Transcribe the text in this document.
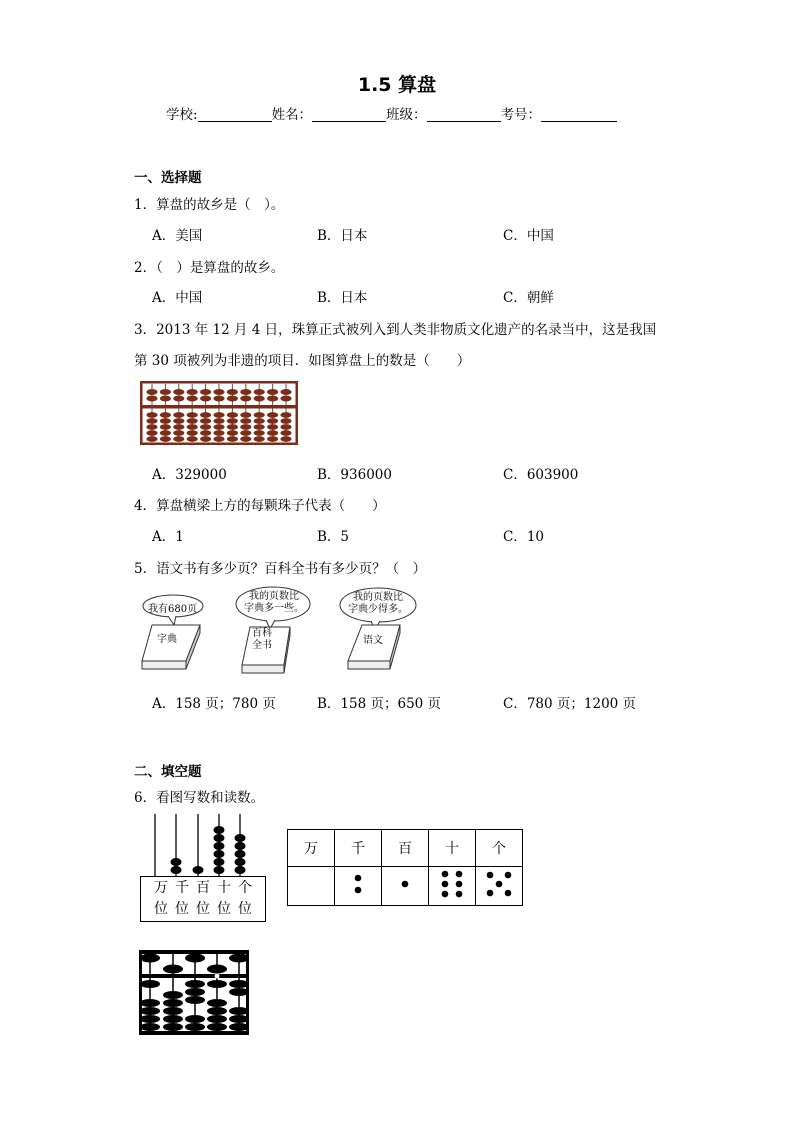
1.5 算盘
学校:	姓名：	班级：	考号：
一、选择题
1．算盘的故乡是（　）。
A．美国	B．日本	C．中国
2．（　）是算盘的故乡。
A．中国	B．日本	C．朝鲜
3．2013 年 12 月 4 日，珠算正式被列入到人类非物质文化遗产的名录当中，这是我国
第 30 项被列为非遗的项目．如图算盘上的数是（　　）
A．329000	B．936000	C．603900
4．算盘横梁上方的每颗珠子代表（　　）
A．1	B．5	C．10
5．语文书有多少页？百科全书有多少页？（　）
我有680页
我的页数比
字典多一些。
我的页数比
字典少得多。
字典
百科
全书	语文
A．158 页；780 页	B．158 页；650 页	C．780 页；1200 页
二、填空题
6．看图写数和读数。
万
位
千
位
百
位
十
位
个
位
万	千	百	十	个
